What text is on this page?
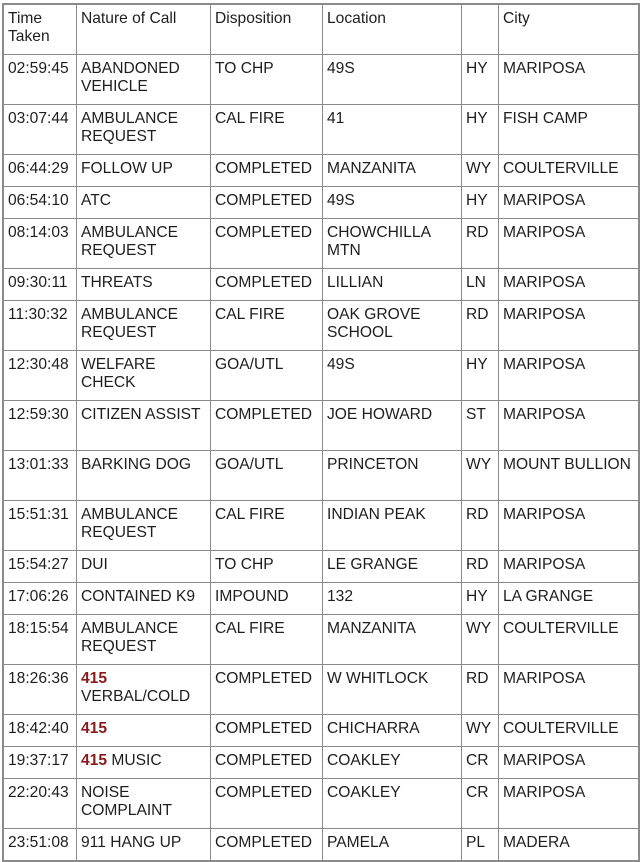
Time Taken	Nature of Call	Disposition	Location		City
02:59:45	ABANDONED VEHICLE	TO CHP	49S	HY	MARIPOSA
03:07:44	AMBULANCE REQUEST	CAL FIRE	41	HY	FISH CAMP
06:44:29	FOLLOW UP	COMPLETED	MANZANITA	WY	COULTERVILLE
06:54:10	ATC	COMPLETED	49S	HY	MARIPOSA
08:14:03	AMBULANCE REQUEST	COMPLETED	CHOWCHILLA MTN	RD	MARIPOSA
09:30:11	THREATS	COMPLETED	LILLIAN	LN	MARIPOSA
11:30:32	AMBULANCE REQUEST	CAL FIRE	OAK GROVE SCHOOL	RD	MARIPOSA
12:30:48	WELFARE CHECK	GOA/UTL	49S	HY	MARIPOSA
12:59:30	CITIZEN ASSIST	COMPLETED	JOE HOWARD	ST	MARIPOSA
13:01:33	BARKING DOG	GOA/UTL	PRINCETON	WY	MOUNT BULLION
15:51:31	AMBULANCE REQUEST	CAL FIRE	INDIAN PEAK	RD	MARIPOSA
15:54:27	DUI	TO CHP	LE GRANGE	RD	MARIPOSA
17:06:26	CONTAINED K9	IMPOUND	132	HY	LA GRANGE
18:15:54	AMBULANCE REQUEST	CAL FIRE	MANZANITA	WY	COULTERVILLE
18:26:36	415 VERBAL/COLD	COMPLETED	W WHITLOCK	RD	MARIPOSA
18:42:40	415	COMPLETED	CHICHARRA	WY	COULTERVILLE
19:37:17	415 MUSIC	COMPLETED	COAKLEY	CR	MARIPOSA
22:20:43	NOISE COMPLAINT	COMPLETED	COAKLEY	CR	MARIPOSA
23:51:08	911 HANG UP	COMPLETED	PAMELA	PL	MADERA
